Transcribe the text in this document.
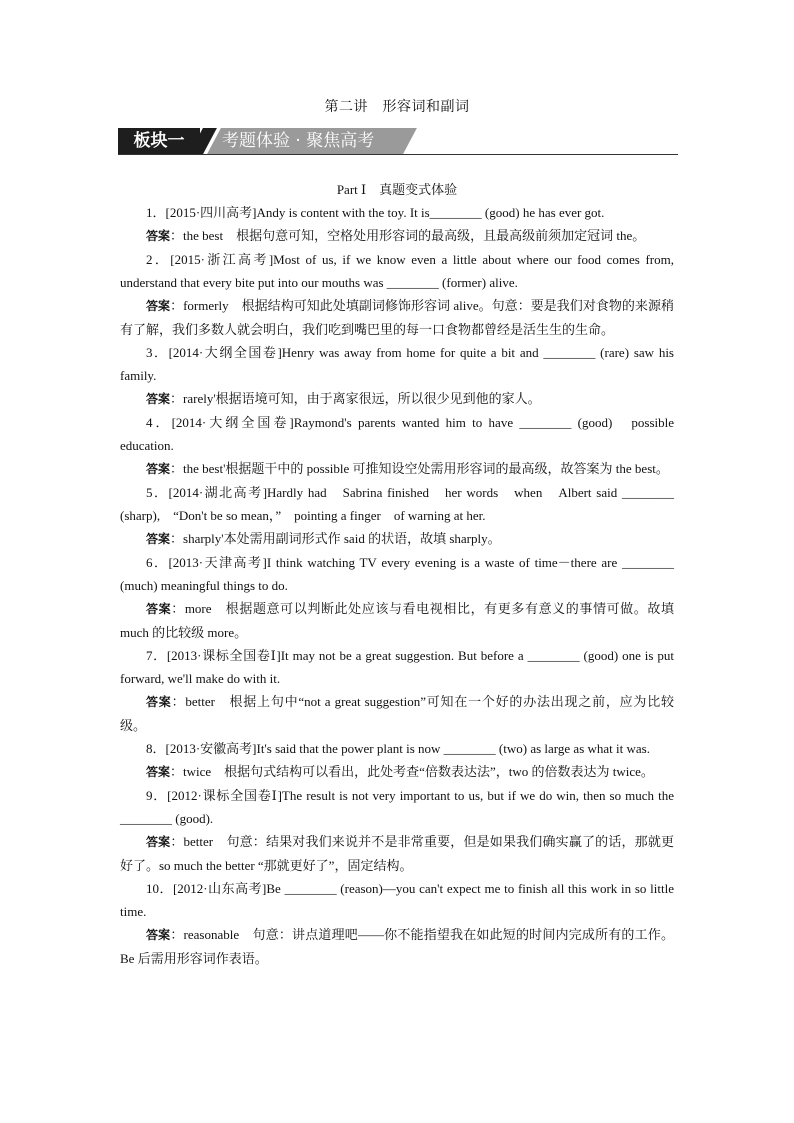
第二讲　形容词和副词
板块一	考题体验 · 聚焦高考
Part Ⅰ　真题变式体验

1．[2015·四川高考]Andy is content with the toy. It is________ (good) he has ever got.

答案：the best　根据句意可知，空格处用形容词的最高级，且最高级前须加定冠词 the。

2．[2015·浙江高考]Most of us, if we know even a little about where our food comes from, understand that every bite put into our mouths was ________ (former) alive.

答案：formerly　根据结构可知此处填副词修饰形容词 alive。句意：要是我们对食物的来源稍有了解，我们多数人就会明白，我们吃到嘴巴里的每一口食物都曾经是活生生的生命。

3．[2014·大纲全国卷]Henry was away from home for quite a bit and ________ (rare) saw his family.

答案：rarely'根据语境可知，由于离家很远，所以很少见到他的家人。

4．[2014·大纲全国卷]Raymond's parents wanted him to have ________ (good)　possible education.

答案：the best'根据题干中的 possible 可推知设空处需用形容词的最高级，故答案为 the best。

5．[2014·湖北高考]Hardly had　Sabrina finished　her words　when　Albert said ________ (sharp),　“Don't be so mean，”　pointing a finger　of warning at her.

答案：sharply'本处需用副词形式作 said 的状语，故填 sharply。

6．[2013·天津高考]I think watching TV every evening is a waste of time－there are ________ (much) meaningful things to do.

答案：more　根据题意可以判断此处应该与看电视相比，有更多有意义的事情可做。故填 much 的比较级 more。

7．[2013·课标全国卷Ⅰ]It may not be a great suggestion. But before a ________ (good) one is put forward, we'll make do with it.

答案：better　根据上句中“not a great suggestion”可知在一个好的办法出现之前，应为比较级。

8．[2013·安徽高考]It's said that the power plant is now ________ (two) as large as what it was.

答案：twice　根据句式结构可以看出，此处考查“倍数表达法”，two 的倍数表达为 twice。

9．[2012·课标全国卷Ⅰ]The result is not very important to us, but if we do win, then so much the ________ (good).

答案：better　句意：结果对我们来说并不是非常重要，但是如果我们确实赢了的话，那就更好了。so much the better “那就更好了”，固定结构。

10．[2012·山东高考]Be ________ (reason)—you can't expect me to finish all this work in so little time.

答案：reasonable　句意：讲点道理吧——你不能指望我在如此短的时间内完成所有的工作。Be 后需用形容词作表语。
